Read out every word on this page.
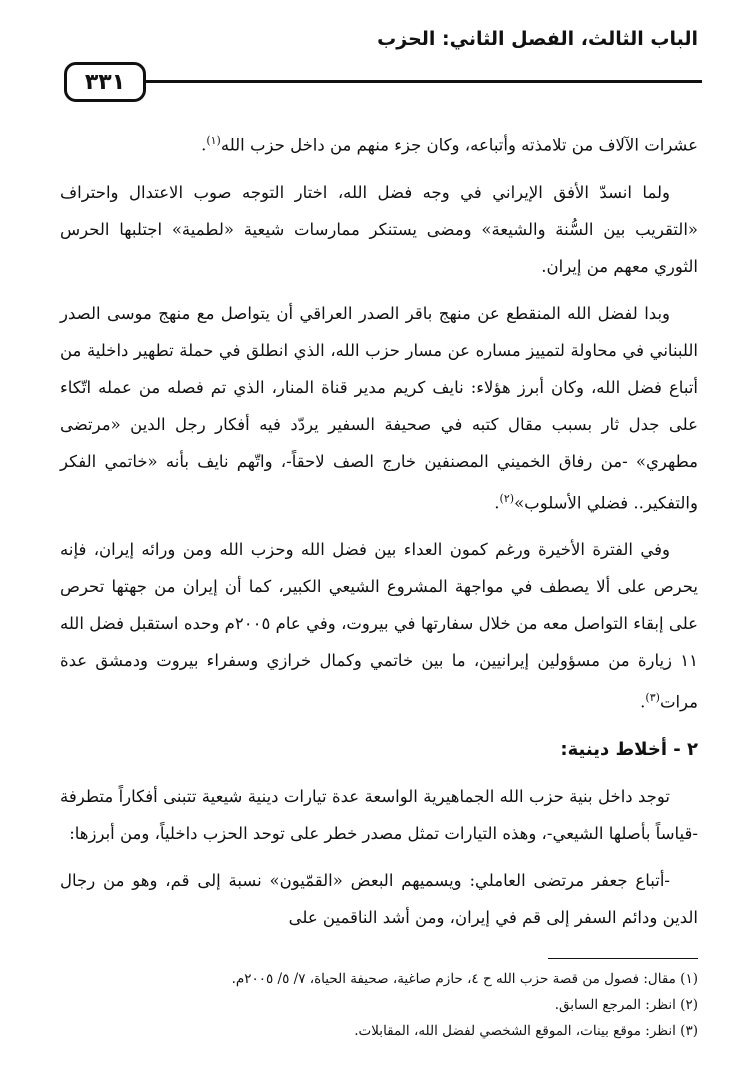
الباب الثالث، الفصل الثاني: الحزب
٣٣١

عشرات الآلاف من تلامذته وأتباعه، وكان جزء منهم من داخل حزب الله$^{(١)}$.

ولما انسدّ الأفق الإيراني في وجه فضل الله، اختار التوجه صوب الاعتدال واحتراف «التقريب بين السُّنة والشيعة» ومضى يستنكر ممارسات شيعية «لطمية» اجتلبها الحرس الثوري معهم من إيران.

وبدا لفضل الله المنقطع عن منهج باقر الصدر العراقي أن يتواصل مع منهج موسى الصدر اللبناني في محاولة لتمييز مساره عن مسار حزب الله، الذي انطلق في حملة تطهير داخلية من أتباع فضل الله، وكان أبرز هؤلاء: نايف كريم مدير قناة المنار، الذي تم فصله من عمله اتّكاء على جدل ثار بسبب مقال كتبه في صحيفة السفير يردّد فيه أفكار رجل الدين «مرتضى مطهري» -من رفاق الخميني المصنفين خارج الصف لاحقاً-، واتّهم نايف بأنه «خاتمي الفكر والتفكير.. فضلي الأسلوب»$^{(٢)}$.

وفي الفترة الأخيرة ورغم كمون العداء بين فضل الله وحزب الله ومن ورائه إيران، فإنه يحرص على ألا يصطف في مواجهة المشروع الشيعي الكبير، كما أن إيران من جهتها تحرص على إبقاء التواصل معه من خلال سفارتها في بيروت، وفي عام ٢٠٠٥م وحده استقبل فضل الله ١١ زيارة من مسؤولين إيرانيين، ما بين خاتمي وكمال خرازي وسفراء بيروت ودمشق عدة مرات$^{(٣)}$.

٢ - أخلاط دينية:

توجد داخل بنية حزب الله الجماهيرية الواسعة عدة تيارات دينية شيعية تتبنى أفكاراً متطرفة -قياساً بأصلها الشيعي-، وهذه التيارات تمثل مصدر خطر على توحد الحزب داخلياً، ومن أبرزها:

-أتباع جعفر مرتضى العاملي: ويسميهم البعض «القمّيون» نسبة إلى قم، وهو من رجال الدين ودائم السفر إلى قم في إيران، ومن أشد الناقمين على

(١) مقال: فصول من قصة حزب الله ح ٤، حازم صاغية، صحيفة الحياة، ٧/ ٥/ ٢٠٠٥م.
(٢) انظر: المرجع السابق.
(٣) انظر: موقع بينات، الموقع الشخصي لفضل الله، المقابلات.
